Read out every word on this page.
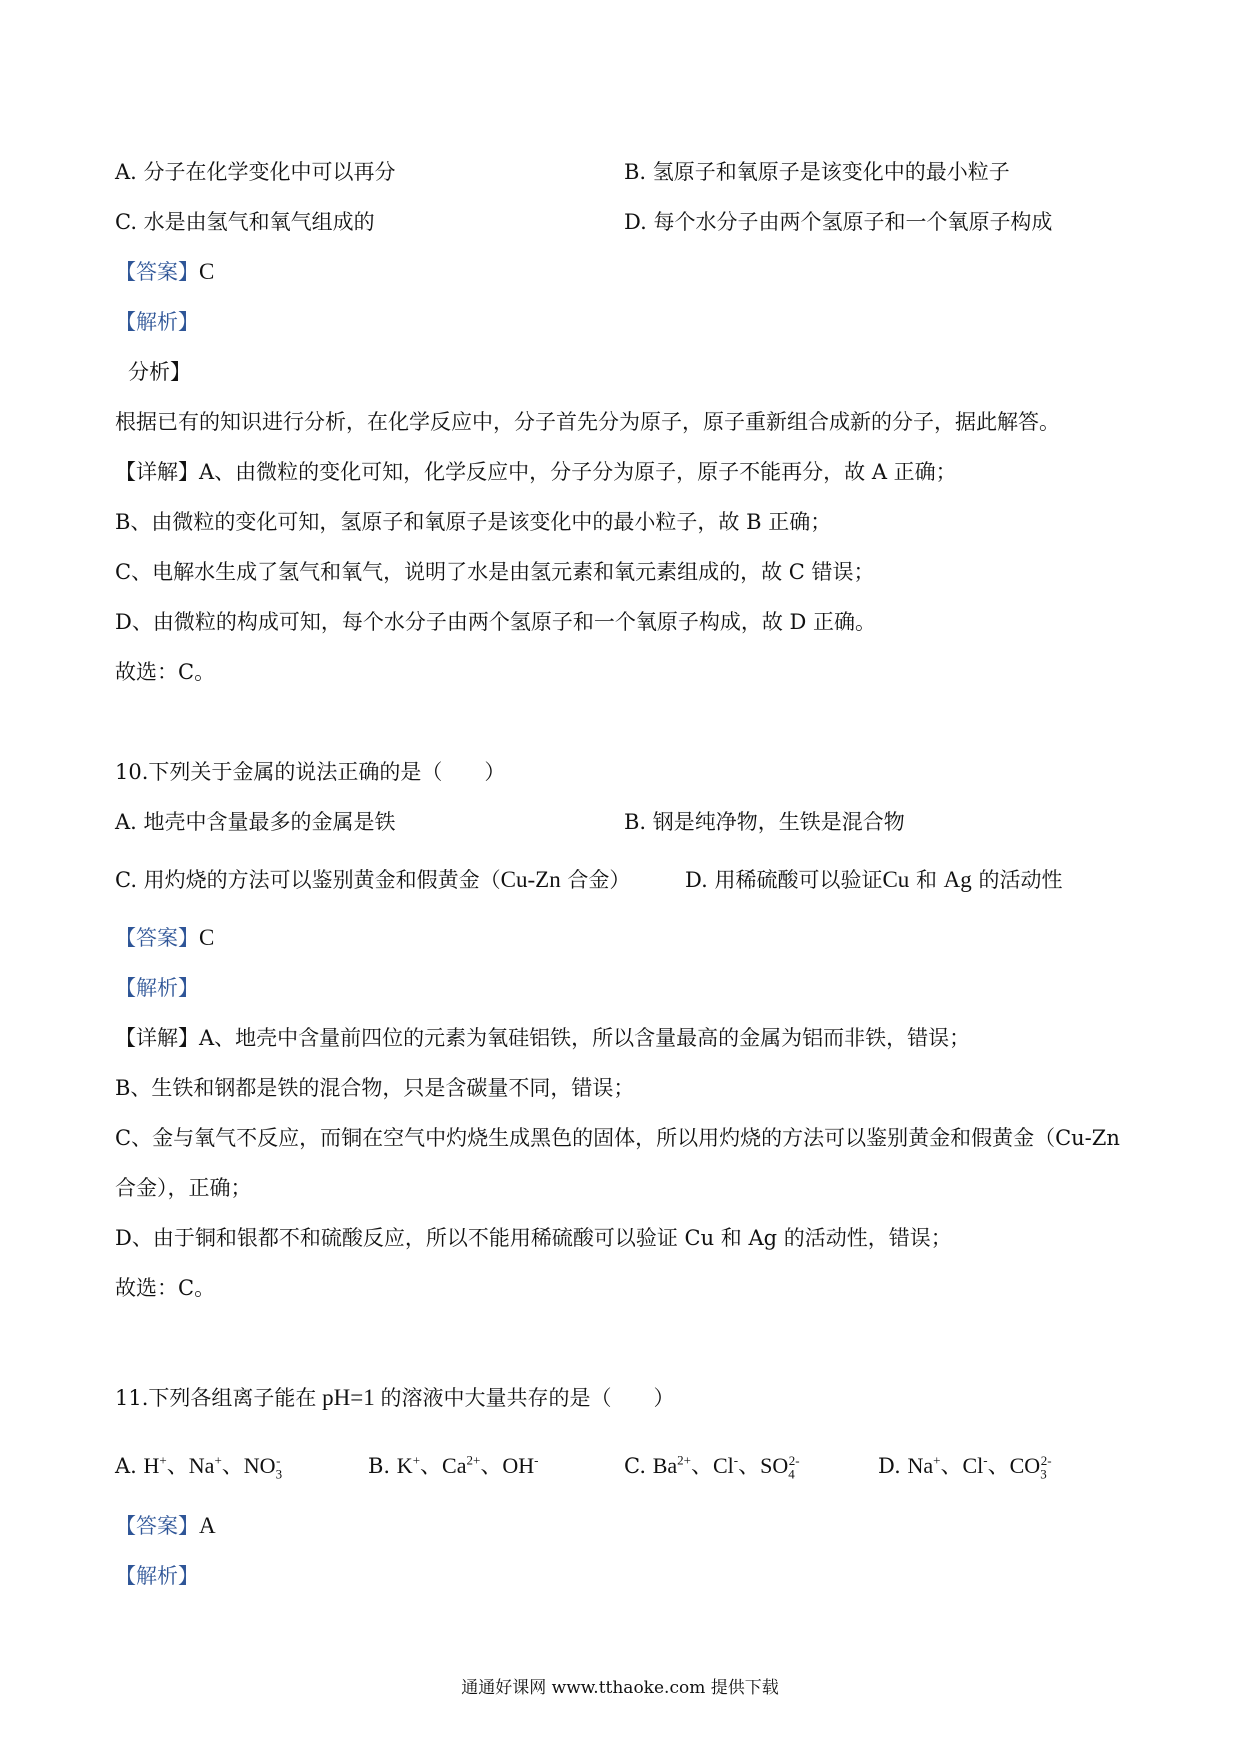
A. 分子在化学变化中可以再分	B. 氢原子和氧原子是该变化中的最小粒子
C. 水是由氢气和氧气组成的	D. 每个水分子由两个氢原子和一个氧原子构成
【答案】C
【解析】
分析】
根据已有的知识进行分析，在化学反应中，分子首先分为原子，原子重新组合成新的分子，据此解答。
【详解】A、由微粒的变化可知，化学反应中，分子分为原子，原子不能再分，故 A 正确；
B、由微粒的变化可知，氢原子和氧原子是该变化中的最小粒子，故 B 正确；
C、电解水生成了氢气和氧气，说明了水是由氢元素和氧元素组成的，故 C 错误；
D、由微粒的构成可知，每个水分子由两个氢原子和一个氧原子构成，故 D 正确。
故选：C。
10.下列关于金属的说法正确的是（　　）
A. 地壳中含量最多的金属是铁	B. 钢是纯净物，生铁是混合物
C. 用灼烧的方法可以鉴别黄金和假黄金（Cu-Zn 合金）	D. 用稀硫酸可以验证Cu 和 Ag 的活动性
【答案】C
【解析】
【详解】A、地壳中含量前四位的元素为氧硅铝铁，所以含量最高的金属为铝而非铁，错误；
B、生铁和钢都是铁的混合物，只是含碳量不同，错误；
C、金与氧气不反应，而铜在空气中灼烧生成黑色的固体，所以用灼烧的方法可以鉴别黄金和假黄金（Cu-Zn
合金），正确；
D、由于铜和银都不和硫酸反应，所以不能用稀硫酸可以验证 Cu 和 Ag 的活动性，错误；
故选：C。
11.下列各组离子能在 pH=1 的溶液中大量共存的是（　　）
A. H+、Na+、$NO_3^-$	B. K+、$Ca^{2+}$、OH-	C. $Ba^{2+}$、Cl-、$SO_4^{2-}$	D. Na+、Cl-、$CO_3^{2-}$
【答案】A
【解析】
通通好课网 www.tthaoke.com 提供下载
